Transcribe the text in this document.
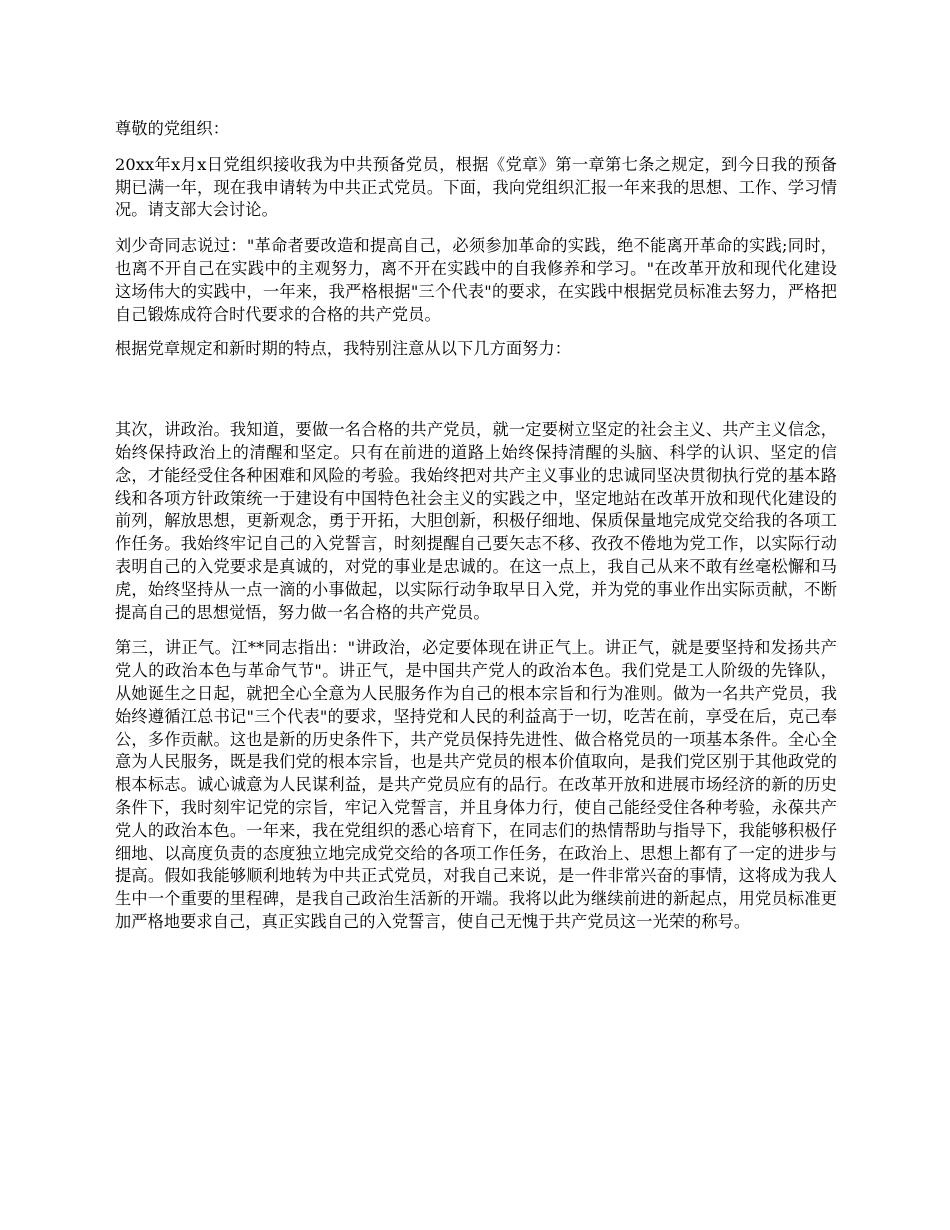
尊敬的党组织：

20xx年x月x日党组织接收我为中共预备党员，根据《党章》第一章第七条之规定，到今日我的预备期已满一年，现在我申请转为中共正式党员。下面，我向党组织汇报一年来我的思想、工作、学习情况。请支部大会讨论。

刘少奇同志说过："革命者要改造和提高自己，必须参加革命的实践，绝不能离开革命的实践;同时，也离不开自己在实践中的主观努力，离不开在实践中的自我修养和学习。"在改革开放和现代化建设这场伟大的实践中，一年来，我严格根据"三个代表"的要求，在实践中根据党员标准去努力，严格把自己锻炼成符合时代要求的合格的共产党员。

根据党章规定和新时期的特点，我特别注意从以下几方面努力：

其次，讲政治。我知道，要做一名合格的共产党员，就一定要树立坚定的社会主义、共产主义信念，始终保持政治上的清醒和坚定。只有在前进的道路上始终保持清醒的头脑、科学的认识、坚定的信念，才能经受住各种困难和风险的考验。我始终把对共产主义事业的忠诚同坚决贯彻执行党的基本路线和各项方针政策统一于建设有中国特色社会主义的实践之中，坚定地站在改革开放和现代化建设的前列，解放思想，更新观念，勇于开拓，大胆创新，积极仔细地、保质保量地完成党交给我的各项工作任务。我始终牢记自己的入党誓言，时刻提醒自己要矢志不移、孜孜不倦地为党工作，以实际行动表明自己的入党要求是真诚的，对党的事业是忠诚的。在这一点上，我自己从来不敢有丝毫松懈和马虎，始终坚持从一点一滴的小事做起，以实际行动争取早日入党，并为党的事业作出实际贡献，不断提高自己的思想觉悟，努力做一名合格的共产党员。

第三，讲正气。江**同志指出："讲政治，必定要体现在讲正气上。讲正气，就是要坚持和发扬共产党人的政治本色与革命气节"。讲正气，是中国共产党人的政治本色。我们党是工人阶级的先锋队，从她诞生之日起，就把全心全意为人民服务作为自己的根本宗旨和行为准则。做为一名共产党员，我始终遵循江总书记"三个代表"的要求，坚持党和人民的利益高于一切，吃苦在前，享受在后，克己奉公，多作贡献。这也是新的历史条件下，共产党员保持先进性、做合格党员的一项基本条件。全心全意为人民服务，既是我们党的根本宗旨，也是共产党员的根本价值取向，是我们党区别于其他政党的根本标志。诚心诚意为人民谋利益，是共产党员应有的品行。在改革开放和进展市场经济的新的历史条件下，我时刻牢记党的宗旨，牢记入党誓言，并且身体力行，使自己能经受住各种考验，永葆共产党人的政治本色。一年来，我在党组织的悉心培育下，在同志们的热情帮助与指导下，我能够积极仔细地、以高度负责的态度独立地完成党交给的各项工作任务，在政治上、思想上都有了一定的进步与提高。假如我能够顺利地转为中共正式党员，对我自己来说，是一件非常兴奋的事情，这将成为我人生中一个重要的里程碑，是我自己政治生活新的开端。我将以此为继续前进的新起点，用党员标准更加严格地要求自己，真正实践自己的入党誓言，使自己无愧于共产党员这一光荣的称号。
